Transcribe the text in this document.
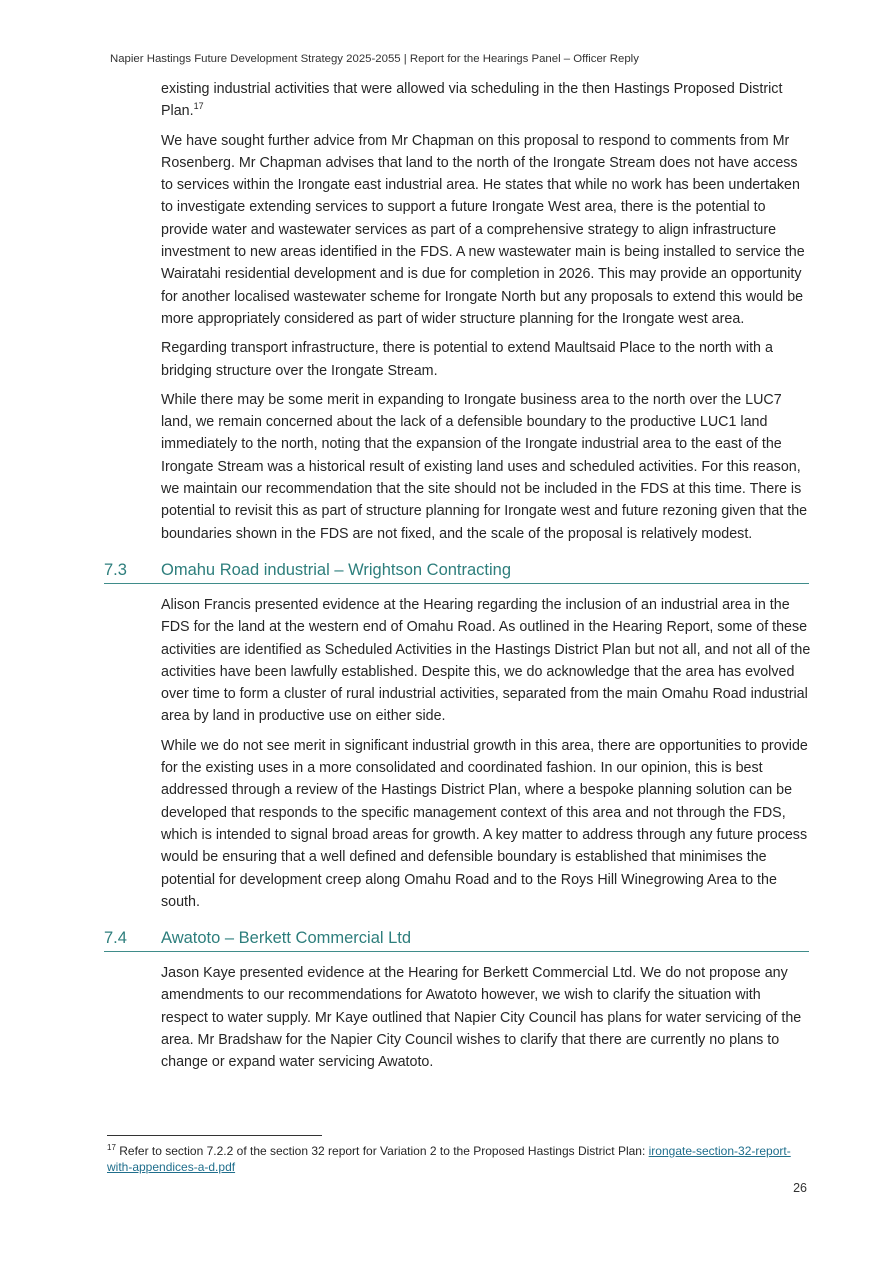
Napier Hastings Future Development Strategy 2025-2055 | Report for the Hearings Panel – Officer Reply

existing industrial activities that were allowed via scheduling in the then Hastings Proposed District Plan.$^{17}$

We have sought further advice from Mr Chapman on this proposal to respond to comments from Mr Rosenberg. Mr Chapman advises that land to the north of the Irongate Stream does not have access to services within the Irongate east industrial area. He states that while no work has been undertaken to investigate extending services to support a future Irongate West area, there is the potential to provide water and wastewater services as part of a comprehensive strategy to align infrastructure investment to new areas identified in the FDS. A new wastewater main is being installed to service the Wairatahi residential development and is due for completion in 2026. This may provide an opportunity for another localised wastewater scheme for Irongate North but any proposals to extend this would be more appropriately considered as part of wider structure planning for the Irongate west area.

Regarding transport infrastructure, there is potential to extend Maultsaid Place to the north with a bridging structure over the Irongate Stream.

While there may be some merit in expanding to Irongate business area to the north over the LUC7 land, we remain concerned about the lack of a defensible boundary to the productive LUC1 land immediately to the north, noting that the expansion of the Irongate industrial area to the east of the Irongate Stream was a historical result of existing land uses and scheduled activities. For this reason, we maintain our recommendation that the site should not be included in the FDS at this time. There is potential to revisit this as part of structure planning for Irongate west and future rezoning given that the boundaries shown in the FDS are not fixed, and the scale of the proposal is relatively modest.

7.3 Omahu Road industrial – Wrightson Contracting

Alison Francis presented evidence at the Hearing regarding the inclusion of an industrial area in the FDS for the land at the western end of Omahu Road. As outlined in the Hearing Report, some of these activities are identified as Scheduled Activities in the Hastings District Plan but not all, and not all of the activities have been lawfully established. Despite this, we do acknowledge that the area has evolved over time to form a cluster of rural industrial activities, separated from the main Omahu Road industrial area by land in productive use on either side.

While we do not see merit in significant industrial growth in this area, there are opportunities to provide for the existing uses in a more consolidated and coordinated fashion. In our opinion, this is best addressed through a review of the Hastings District Plan, where a bespoke planning solution can be developed that responds to the specific management context of this area and not through the FDS, which is intended to signal broad areas for growth. A key matter to address through any future process would be ensuring that a well defined and defensible boundary is established that minimises the potential for development creep along Omahu Road and to the Roys Hill Winegrowing Area to the south.

7.4 Awatoto – Berkett Commercial Ltd

Jason Kaye presented evidence at the Hearing for Berkett Commercial Ltd. We do not propose any amendments to our recommendations for Awatoto however, we wish to clarify the situation with respect to water supply. Mr Kaye outlined that Napier City Council has plans for water servicing of the area. Mr Bradshaw for the Napier City Council wishes to clarify that there are currently no plans to change or expand water servicing Awatoto.

$^{17}$ Refer to section 7.2.2 of the section 32 report for Variation 2 to the Proposed Hastings District Plan: irongate-section-32-report-with-appendices-a-d.pdf
26
